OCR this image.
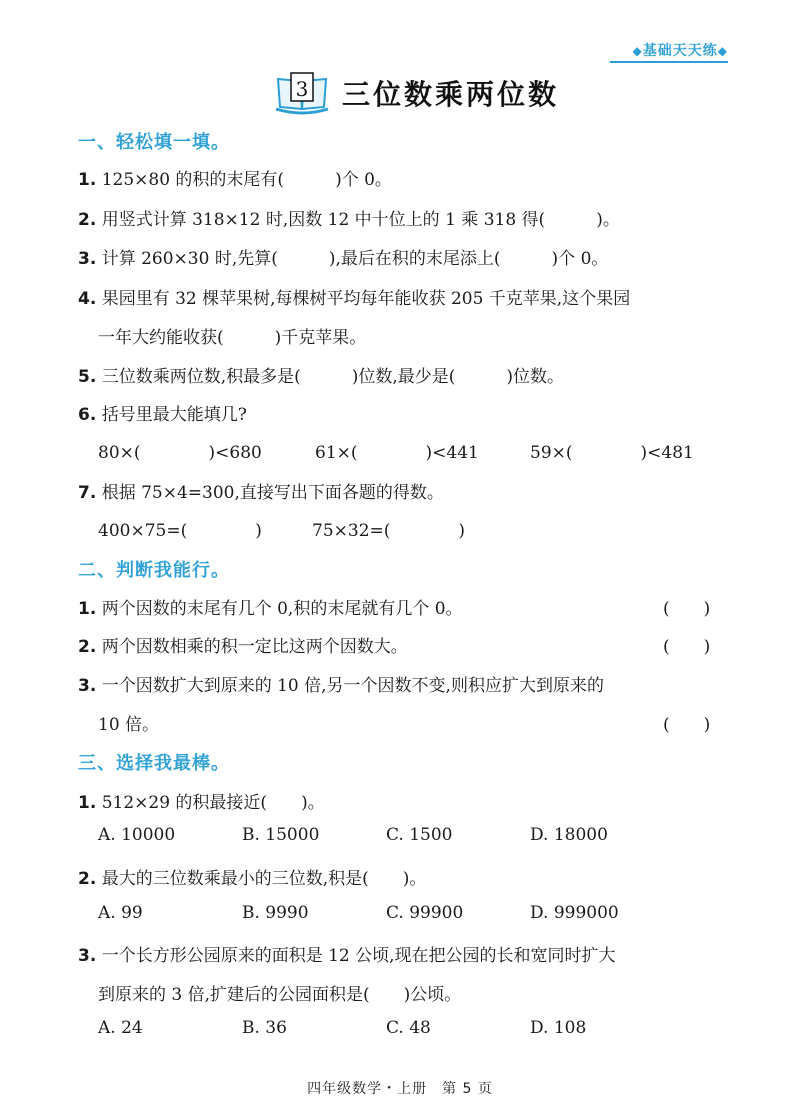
◆基础天天练◆
3	三位数乘两位数
一、轻松填一填。
1. 125×80 的积的末尾有(　　　)个 0。
2. 用竖式计算 318×12 时,因数 12 中十位上的 1 乘 318 得(　　　)。
3. 计算 260×30 时,先算(　　　),最后在积的末尾添上(　　　)个 0。
4. 果园里有 32 棵苹果树,每棵树平均每年能收获 205 千克苹果,这个果园
一年大约能收获(　　　)千克苹果。
5. 三位数乘两位数,积最多是(　　　)位数,最少是(　　　)位数。
6. 括号里最大能填几?
80×(　　　　)<680	61×(　　　　)<441	59×(　　　　)<481
7. 根据 75×4=300,直接写出下面各题的得数。
400×75=(　　　　)	75×32=(　　　　)
二、判断我能行。
1. 两个因数的末尾有几个 0,积的末尾就有几个 0。	(　　)
2. 两个因数相乘的积一定比这两个因数大。	(　　)
3. 一个因数扩大到原来的 10 倍,另一个因数不变,则积应扩大到原来的
10 倍。	(　　)
三、选择我最棒。
1. 512×29 的积最接近(　　)。
A. 10000	B. 15000	C. 1500	D. 18000
2. 最大的三位数乘最小的三位数,积是(　　)。
A. 99	B. 9990	C. 99900	D. 999000
3. 一个长方形公园原来的面积是 12 公顷,现在把公园的长和宽同时扩大
到原来的 3 倍,扩建后的公园面积是(　　)公顷。
A. 24	B. 36	C. 48	D. 108
四年级数学・上册　第 5 页
